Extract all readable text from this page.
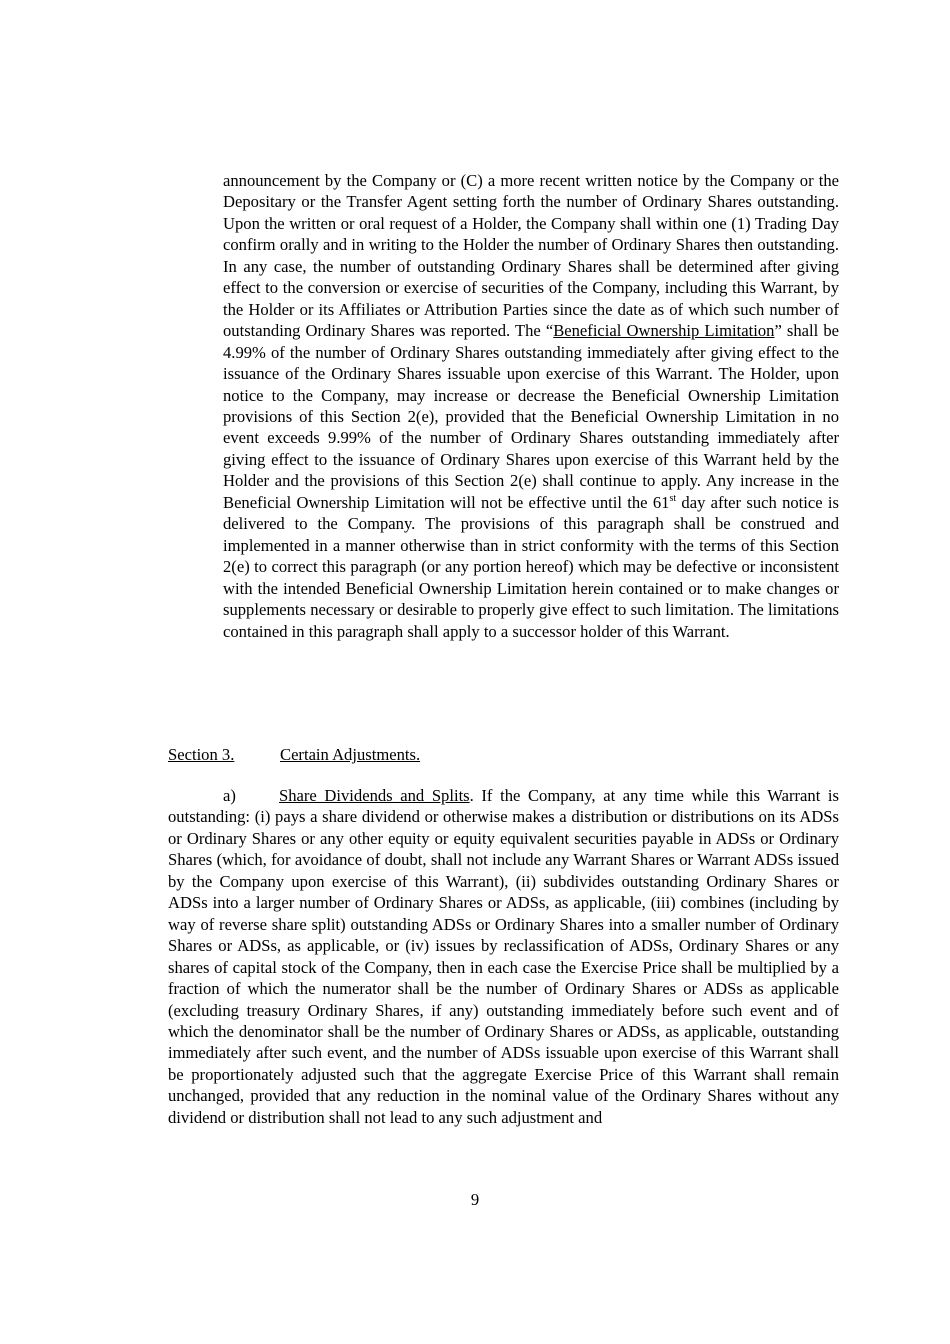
announcement by the Company or (C) a more recent written notice by the Company or the Depositary or the Transfer Agent setting forth the number of Ordinary Shares outstanding. Upon the written or oral request of a Holder, the Company shall within one (1) Trading Day confirm orally and in writing to the Holder the number of Ordinary Shares then outstanding. In any case, the number of outstanding Ordinary Shares shall be determined after giving effect to the conversion or exercise of securities of the Company, including this Warrant, by the Holder or its Affiliates or Attribution Parties since the date as of which such number of outstanding Ordinary Shares was reported. The “Beneficial Ownership Limitation” shall be 4.99% of the number of Ordinary Shares outstanding immediately after giving effect to the issuance of the Ordinary Shares issuable upon exercise of this Warrant. The Holder, upon notice to the Company, may increase or decrease the Beneficial Ownership Limitation provisions of this Section 2(e), provided that the Beneficial Ownership Limitation in no event exceeds 9.99% of the number of Ordinary Shares outstanding immediately after giving effect to the issuance of Ordinary Shares upon exercise of this Warrant held by the Holder and the provisions of this Section 2(e) shall continue to apply. Any increase in the Beneficial Ownership Limitation will not be effective until the 61st day after such notice is delivered to the Company. The provisions of this paragraph shall be construed and implemented in a manner otherwise than in strict conformity with the terms of this Section 2(e) to correct this paragraph (or any portion hereof) which may be defective or inconsistent with the intended Beneficial Ownership Limitation herein contained or to make changes or supplements necessary or desirable to properly give effect to such limitation. The limitations contained in this paragraph shall apply to a successor holder of this Warrant.

Section 3.	Certain Adjustments.

a)	Share Dividends and Splits. If the Company, at any time while this Warrant is outstanding: (i) pays a share dividend or otherwise makes a distribution or distributions on its ADSs or Ordinary Shares or any other equity or equity equivalent securities payable in ADSs or Ordinary Shares (which, for avoidance of doubt, shall not include any Warrant Shares or Warrant ADSs issued by the Company upon exercise of this Warrant), (ii) subdivides outstanding Ordinary Shares or ADSs into a larger number of Ordinary Shares or ADSs, as applicable, (iii) combines (including by way of reverse share split) outstanding ADSs or Ordinary Shares into a smaller number of Ordinary Shares or ADSs, as applicable, or (iv) issues by reclassification of ADSs, Ordinary Shares or any shares of capital stock of the Company, then in each case the Exercise Price shall be multiplied by a fraction of which the numerator shall be the number of Ordinary Shares or ADSs as applicable (excluding treasury Ordinary Shares, if any) outstanding immediately before such event and of which the denominator shall be the number of Ordinary Shares or ADSs, as applicable, outstanding immediately after such event, and the number of ADSs issuable upon exercise of this Warrant shall be proportionately adjusted such that the aggregate Exercise Price of this Warrant shall remain unchanged, provided that any reduction in the nominal value of the Ordinary Shares without any dividend or distribution shall not lead to any such adjustment and

9
